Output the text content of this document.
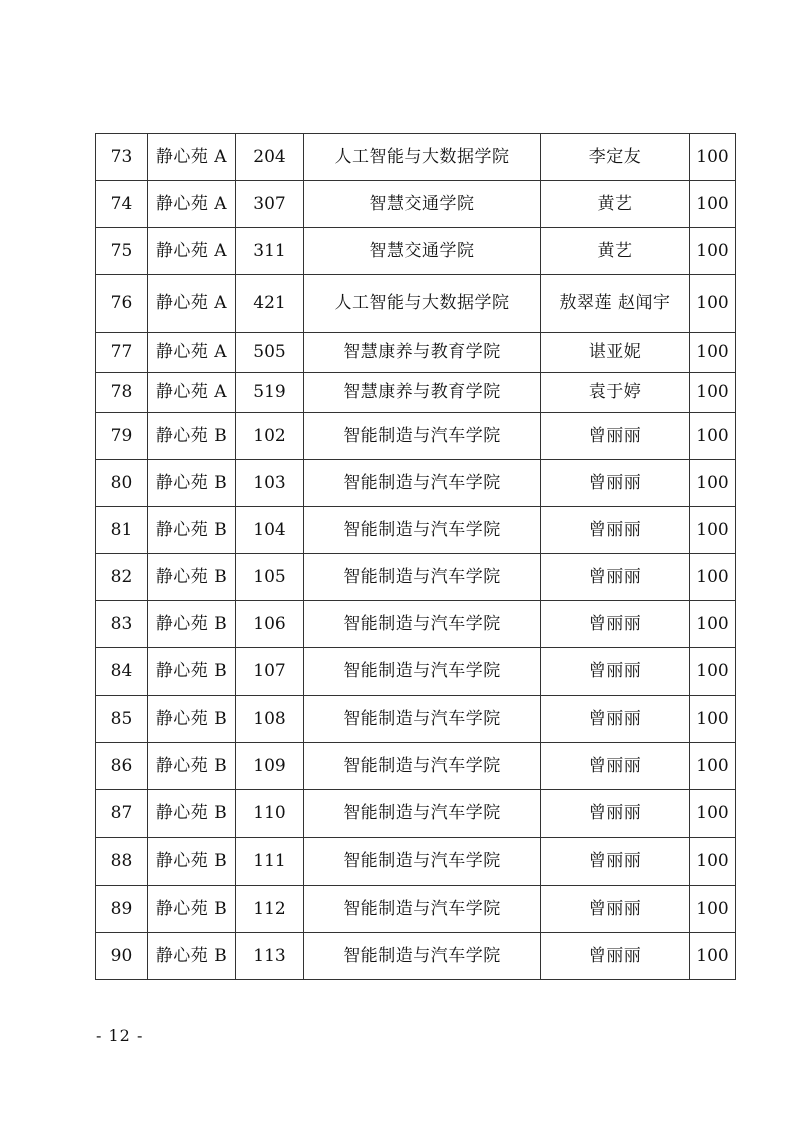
73	静心苑 A	204	人工智能与大数据学院	李定友	100
74	静心苑 A	307	智慧交通学院	黄艺	100
75	静心苑 A	311	智慧交通学院	黄艺	100
76	静心苑 A	421	人工智能与大数据学院	敖翠莲 赵闻宇	100
77	静心苑 A	505	智慧康养与教育学院	谌亚妮	100
78	静心苑 A	519	智慧康养与教育学院	袁于婷	100
79	静心苑 B	102	智能制造与汽车学院	曾丽丽	100
80	静心苑 B	103	智能制造与汽车学院	曾丽丽	100
81	静心苑 B	104	智能制造与汽车学院	曾丽丽	100
82	静心苑 B	105	智能制造与汽车学院	曾丽丽	100
83	静心苑 B	106	智能制造与汽车学院	曾丽丽	100
84	静心苑 B	107	智能制造与汽车学院	曾丽丽	100
85	静心苑 B	108	智能制造与汽车学院	曾丽丽	100
86	静心苑 B	109	智能制造与汽车学院	曾丽丽	100
87	静心苑 B	110	智能制造与汽车学院	曾丽丽	100
88	静心苑 B	111	智能制造与汽车学院	曾丽丽	100
89	静心苑 B	112	智能制造与汽车学院	曾丽丽	100
90	静心苑 B	113	智能制造与汽车学院	曾丽丽	100
- 12 -
